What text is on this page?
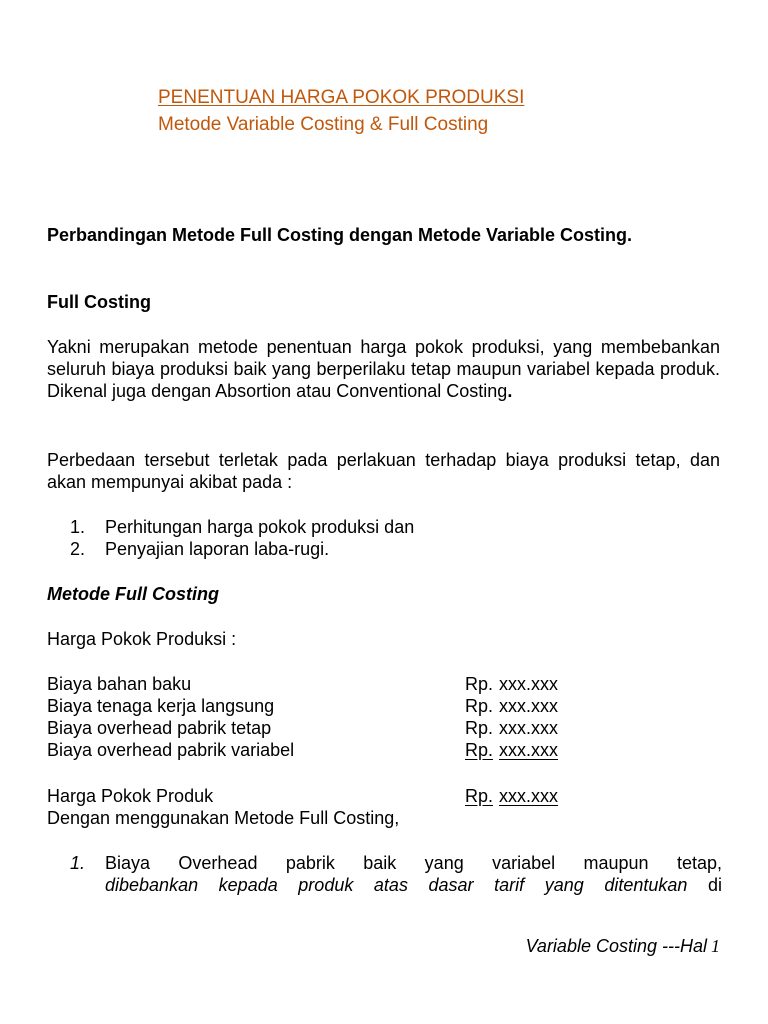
PENENTUAN HARGA POKOK PRODUKSI
Metode Variable Costing & Full Costing
Perbandingan Metode Full Costing dengan Metode Variable Costing.
Full Costing
Yakni merupakan metode penentuan harga pokok produksi, yang membebankan seluruh biaya produksi baik yang berperilaku tetap maupun variabel kepada produk. Dikenal juga dengan Absortion atau Conventional Costing.
Perbedaan tersebut terletak pada perlakuan terhadap biaya produksi tetap, dan akan mempunyai akibat pada :
1. Perhitungan harga pokok produksi dan
2. Penyajian laporan laba-rugi.
Metode Full Costing
Harga Pokok Produksi :
Biaya bahan baku	Rp. xxx.xxx
Biaya tenaga kerja langsung	Rp. xxx.xxx
Biaya overhead pabrik tetap	Rp. xxx.xxx
Biaya overhead pabrik variabel	Rp. xxx.xxx
Harga Pokok Produk	Rp. xxx.xxx
Dengan menggunakan Metode Full Costing,
1. Biaya Overhead pabrik baik yang variabel maupun tetap,
dibebankan kepada produk atas dasar tarif yang ditentukan di
Variable Costing ---Hal 1
